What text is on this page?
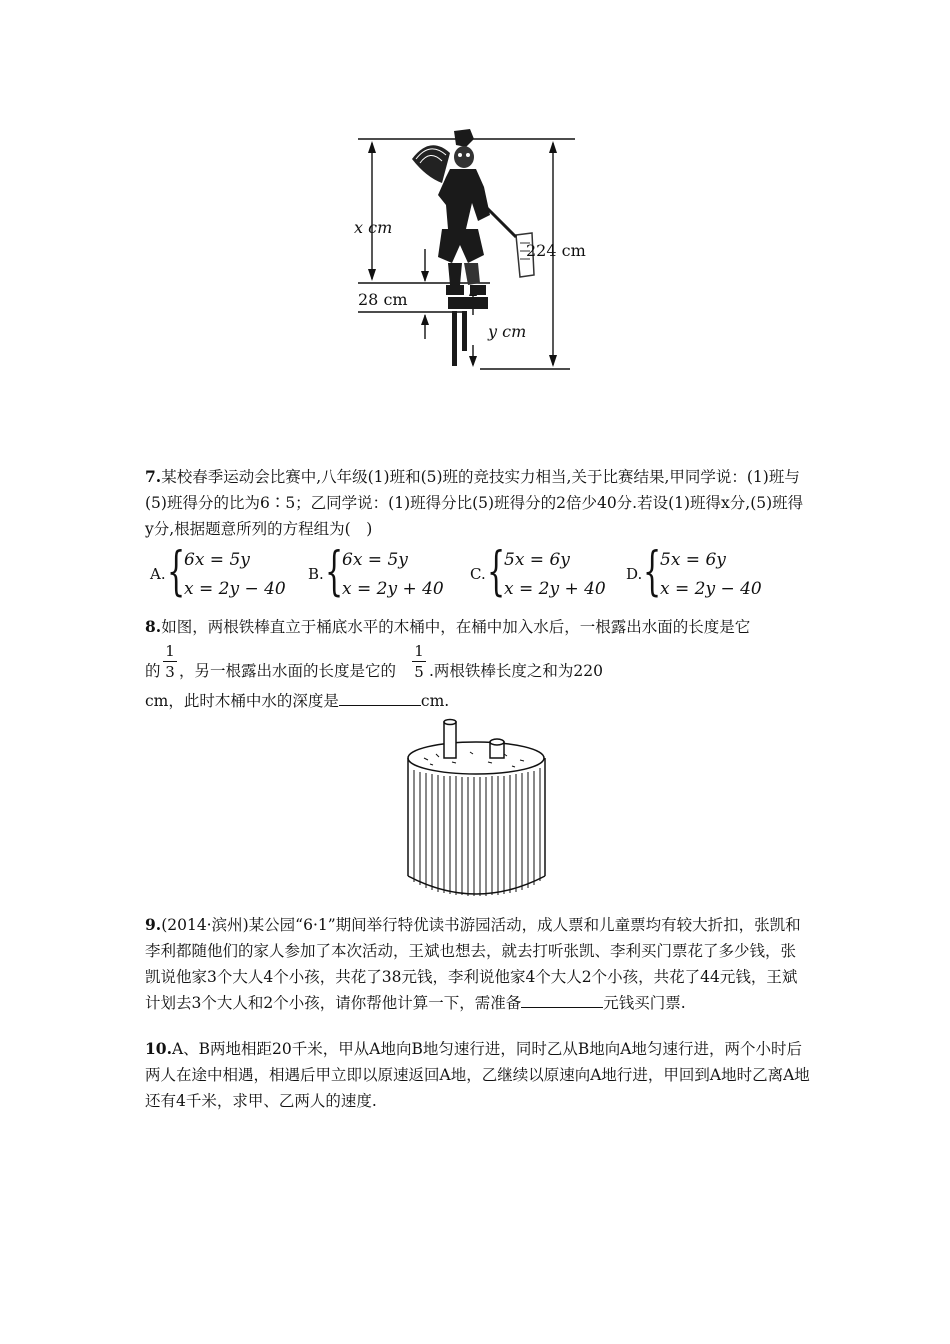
x cm
224 cm
28 cm
y cm
7.某校春季运动会比赛中,八年级(1)班和(5)班的竞技实力相当,关于比赛结果,甲同学说：(1)班与(5)班得分的比为6∶5；乙同学说：(1)班得分比(5)班得分的2倍少40分.若设(1)班得x分,(5)班得y分,根据题意所列的方程组为(　)
A. {
6x = 5y
x = 2y − 40
B. {
6x = 5y
x = 2y + 40
C. {
5x = 6y
x = 2y + 40
D. {
5x = 6y
x = 2y − 40
8.如图，两根铁棒直立于桶底水平的木桶中，在桶中加入水后，一根露出水面的长度是它
的
1
3 ，另一根露出水面的长度是它的
1
5 .两根铁棒长度之和为220
cm，此时木桶中水的深度是	cm.
9.(2014·滨州)某公园“6·1”期间举行特优读书游园活动，成人票和儿童票均有较大折扣，张凯和李利都随他们的家人参加了本次活动，王斌也想去，就去打听张凯、李利买门票花了多少钱，张凯说他家3个大人4个小孩，共花了38元钱，李利说他家4个大人2个小孩，共花了44元钱，王斌计划去3个大人和2个小孩，请你帮他计算一下，需准备	元钱买门票.
10.A、B两地相距20千米，甲从A地向B地匀速行进，同时乙从B地向A地匀速行进，两个小时后两人在途中相遇，相遇后甲立即以原速返回A地，乙继续以原速向A地行进，甲回到A地时乙离A地还有4千米，求甲、乙两人的速度.
